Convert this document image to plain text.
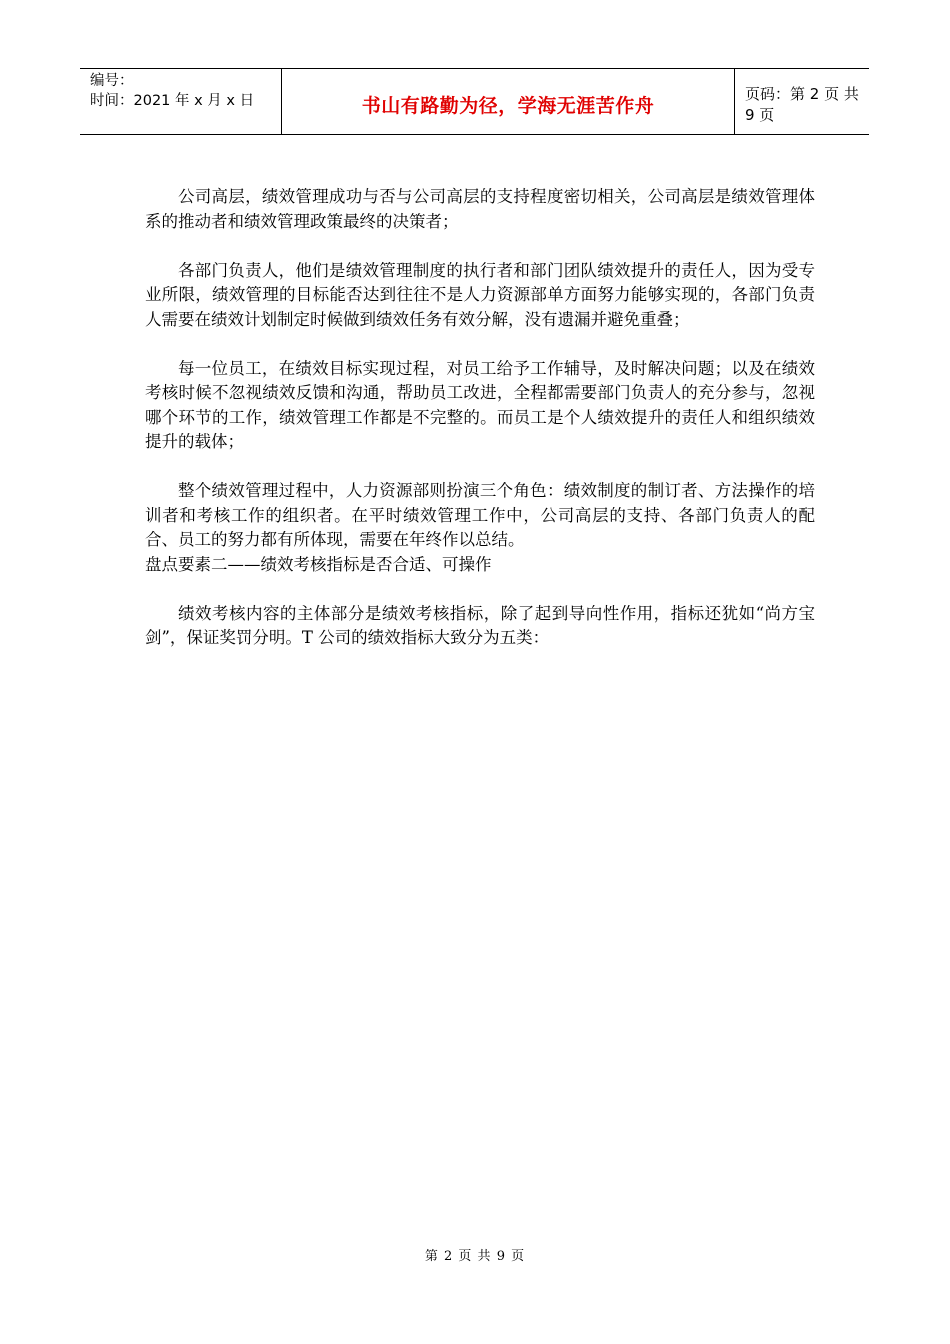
编号：
时间：2021 年 x 月 x 日	书山有路勤为径，学海无涯苦作舟
页码：第 2 页 共 9 页

公司高层，绩效管理成功与否与公司高层的支持程度密切相关，公司高层是绩效管理体系的推动者和绩效管理政策最终的决策者；

各部门负责人，他们是绩效管理制度的执行者和部门团队绩效提升的责任人，因为受专业所限，绩效管理的目标能否达到往往不是人力资源部单方面努力能够实现的，各部门负责人需要在绩效计划制定时候做到绩效任务有效分解，没有遗漏并避免重叠；

每一位员工，在绩效目标实现过程，对员工给予工作辅导，及时解决问题；以及在绩效考核时候不忽视绩效反馈和沟通，帮助员工改进，全程都需要部门负责人的充分参与，忽视哪个环节的工作，绩效管理工作都是不完整的。而员工是个人绩效提升的责任人和组织绩效提升的载体；

整个绩效管理过程中，人力资源部则扮演三个角色：绩效制度的制订者、方法操作的培训者和考核工作的组织者。在平时绩效管理工作中，公司高层的支持、各部门负责人的配合、员工的努力都有所体现，需要在年终作以总结。

盘点要素二——绩效考核指标是否合适、可操作

绩效考核内容的主体部分是绩效考核指标，除了起到导向性作用，指标还犹如“尚方宝剑”，保证奖罚分明。T 公司的绩效指标大致分为五类：

第 2 页 共 9 页
